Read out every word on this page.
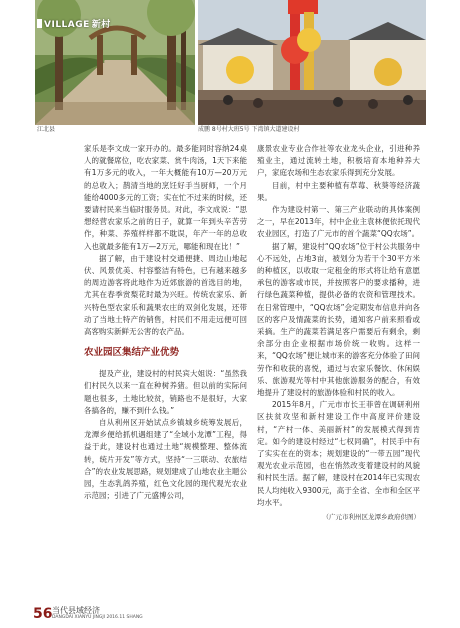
VILLAGE 新村
江北县	成鹏 8号村大班5号 下湾镇大道建设村

家乐是李文成一家开办的。最多能同时容纳24桌人的就餐席位，吃农家菜、赏牛肉汤，1天下来能有1万多元的收入，一年大概能有10万—20万元的总收入；鹊清当地的烹饪好手当厨师，一个月能给4000多元的工资；实在忙不过来的时候，还要请村民来当临时服务员。对此，李文成说：“思想经营农家乐之前的日子，就算一年到头辛苦劳作，种菜、养殖样样都不耽误，年产一年的总收入也就最多能有1万—2万元，哪能和现在比！”

据了解，由于建设村交通便捷、周边山地起伏、风景优美、村容整洁有特色，已有越来越多的周边游客将此地作为近郊旅游的首选目的地，尤其在春季赏梨花时最为兴旺。传统农家乐、新兴特色型农家乐和蔬果农庄的双剑化发展，还带动了当地土特产的销售，村民们不用走远便可回高客购实新鲜无公害的农产品。

农业园区集结产业优势

提及产业，建设村的村民宾大姐说：“虽然我们村民久以来一直在种树养猪。但以前的实际问题也很多，土地比较贫，销路也不是很好，大家各搞各的，赚不到什么钱。”

自从利州区开始试点乡镇城乡统筹发展后，龙潭乡便给抓机遇组建了“全域小龙潭”工程，得益于此，建设村也通过土地“规模整理、整体流转，统片开发”等方式，坚持“一三联动、农旅结合”的农业发展思路，规划建成了山地农业主题公园，生态乳鸽养殖，红色文化园的现代观光农业示范园；引进了广元盛博公司，

康景农业专业合作社等农业龙头企业，引进种养殖业主，通过流转土地，积极培育本地种养大户，家庭农场和生态农家乐得到充分发展。

目前，村中主要种植有草莓、秋葵等经济蔬果。

作为建设村第一、第三产业联动的具体案例之一，早在2013年，村中企业主袁林便依托现代农业园区，打造了广元市的首个蔬菜“QQ农场”。

据了解，建设村“QQ农场”位于村公共服务中心不远处，占地3亩，被划分为若干个30平方米的种植区，以收取一定租金的形式将让给有意愿承包的游客或市民，并按照客户的要求播种，进行绿色蔬菜种植，提供必备的农资和管理技术。在日常管理中，“QQ农场”会定期发布信息并向各区的客户及情蔬菜的长势，通知客户前来照看或采摘。生产的蔬菜若满足客户需要后有剩余，剩余部分由企业根据市场价统一收购。这样一来，“QQ农场”便让城市来的游客充分体验了田间劳作和收获的喜悦，通过与农家乐餐饮、休闲娱乐、旅游观光等村中其他旅游服务的配合，有效地提升了建设村的旅游体验和村民的收入。

2015年8月，广元市市长王菲曾在调研利州区扶贫攻坚和新村建设工作中高度评价建设村，“产村一体、美丽新村”的发展模式得到肯定。如今的建设村经过“七权同确”，村民手中有了实实在在的资本；规划建设的“一带五园”现代观光农业示范园，也在悄然改变着建设村的风貌和村民生活。据了解，建设村在2014年已实现农民人均纯收入9300元，高于全省、全市和全区平均水平。

（广元市利州区龙潭乡政府供图）
56 当代县域经济
DANGDAI XIANYU JINGJI 2016.11 SHANG
